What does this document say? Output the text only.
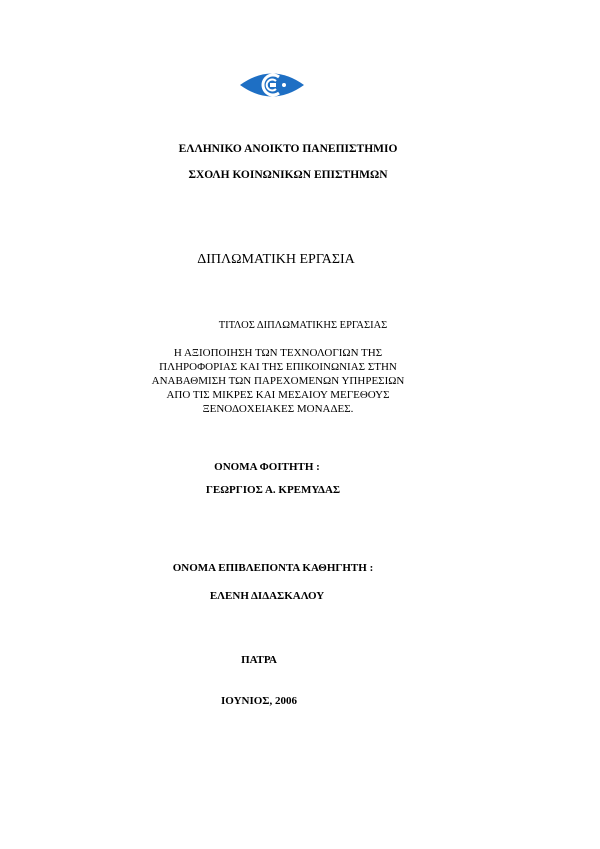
ΕΛΛΗΝΙΚΟ ΑΝΟΙΚΤΟ ΠΑΝΕΠΙΣΤΗΜΙΟ
ΣΧΟΛΗ ΚΟΙΝΩΝΙΚΩΝ ΕΠΙΣΤΗΜΩΝ
ΔΙΠΛΩΜΑΤΙΚΗ ΕΡΓΑΣΙΑ
ΤΙΤΛΟΣ ΔΙΠΛΩΜΑΤΙΚΗΣ ΕΡΓΑΣΙΑΣ
Η ΑΞΙΟΠΟΙΗΣΗ ΤΩΝ ΤΕΧΝΟΛΟΓΙΩΝ ΤΗΣ
ΠΛΗΡΟΦΟΡΙΑΣ ΚΑΙ ΤΗΣ ΕΠΙΚΟΙΝΩΝΙΑΣ ΣΤΗΝ
ΑΝΑΒΑΘΜΙΣΗ ΤΩΝ ΠΑΡΕΧΟΜΕΝΩΝ ΥΠΗΡΕΣΙΩΝ
ΑΠΟ ΤΙΣ ΜΙΚΡΕΣ ΚΑΙ ΜΕΣΑΙΟΥ ΜΕΓΕΘΟΥΣ
ΞΕΝΟΔΟΧΕΙΑΚΕΣ ΜΟΝΑΔΕΣ.
ΟΝΟΜΑ ΦΟΙΤΗΤΗ :
ΓΕΩΡΓΙΟΣ Α. ΚΡΕΜΥΔΑΣ
ΟΝΟΜΑ ΕΠΙΒΛΕΠΟΝΤΑ ΚΑΘΗΓΗΤΗ :
ΕΛΕΝΗ ΔΙΔΑΣΚΑΛΟΥ
ΠΑΤΡΑ
ΙΟΥΝΙΟΣ, 2006
